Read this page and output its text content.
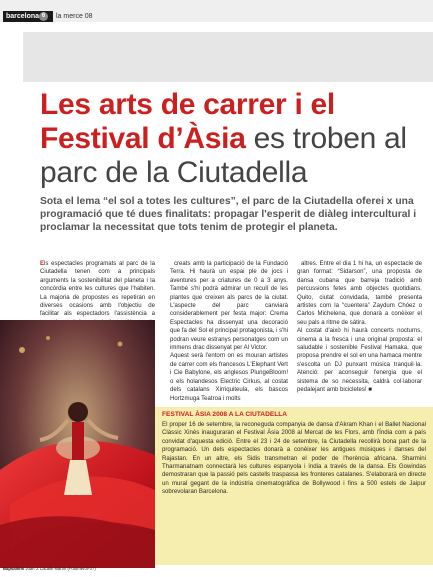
barcelona 6	la merce 08
Les arts de carrer i el Festival d’Àsia es troben al parc de la Ciutadella

Sota el lema “el sol a totes les cultures”, el parc de la Ciutadella oferei x una programació que té dues finalitats: propagar l'esperit de diàleg intercultural i proclamar la necessitat que tots tenim de protegir el planeta.

Els espectacles programats al parc de la Ciutadella tenen com a principals arguments la sostenibilitat del planeta i la concòrdia entre les cultures que l'habiten. La majoria de propostes es repetiran en diverses ocasions amb l'objectiu de facilitar als espectadors l'assistència a

creats amb la participació de la Fundació Terra. Hi haurà un espai ple de jocs i aventures per a criatures de 0 a 3 anys. També s'hi podrà admirar un recull de les plantes que creixen als parcs de la ciutat. L'aspecte del parc canviarà considerablement per festa major: Crema Espectacles ha dissenyat una decoració que fa del Sol el principal protagonista, i s'hi podran veure estranys personatges com un immens drac dissenyat per Al Victor.
Aquest serà l'entorn on es mouran artistes de carrer com els francesos L'Elephant Vert i Cie Babylone, els anglesos PlungeBloom! o els holandesos Electric Cirkus, al costat dels catalans Xirriquiteula, els bascos Hortzmuga Teatroa i molts

altres. Entre el dia 1 hi ha, un espectacle de gran format: “Sidarson”, una proposta de dansa cubana que barreja tradició amb percussions fetes amb objectes quotidians. Quito, ciutat convidada, també presenta artistes com la “cuentera” Zaydum Chóez o Carlos Michelena, que donarà a conèixer el seu pals a ritme de sàtira.
Al costat d'això hi haurà concerts nocturns, cinema a la fresca i una original proposta: el saludable i sostenible Festival Hamaka, que proposa prendre el sol en una hamaca mentre s'escolta un DJ punxant música tranquil·la. Atenció: per aconseguir l'energia que el sistema de so necessita, caldrà col·laborar pedalejant amb bicicletes! ■

Bapsalons Joan J. Lacalle Martín (Fotomercè'07)

FESTIVAL ÀSIA 2008 A LA CIUTADELLA

El proper 16 de setembre, la reconeguda companyia de dansa d'Akram Khan i el Ballet Nacional Clàssic Xinès inauguraran el Festival Àsia 2008 al Mercat de les Flors, amb l'Índia com a país convidat d'aquesta edició. Entre el 23 i 24 de setembre, la Ciutadella recollirà bona part de la programació. Un dels espectacles donarà a conèixer les antigues músiques i danses del Rajastan. En un altre, els Sidis transmetran el poder de l'herència africana. Sharmini Tharmanatnam connectarà les cultures espanyola i índia a través de la dansa. Els Gowindas demostraran que la passió pels castells traspassa les fronteres catalanes. S'elaborarà en directe un mural gegant de la indústria cinematogràfica de Bollywood i fins a 500 estels de Jaipur sobrevolaran Barcelona.
